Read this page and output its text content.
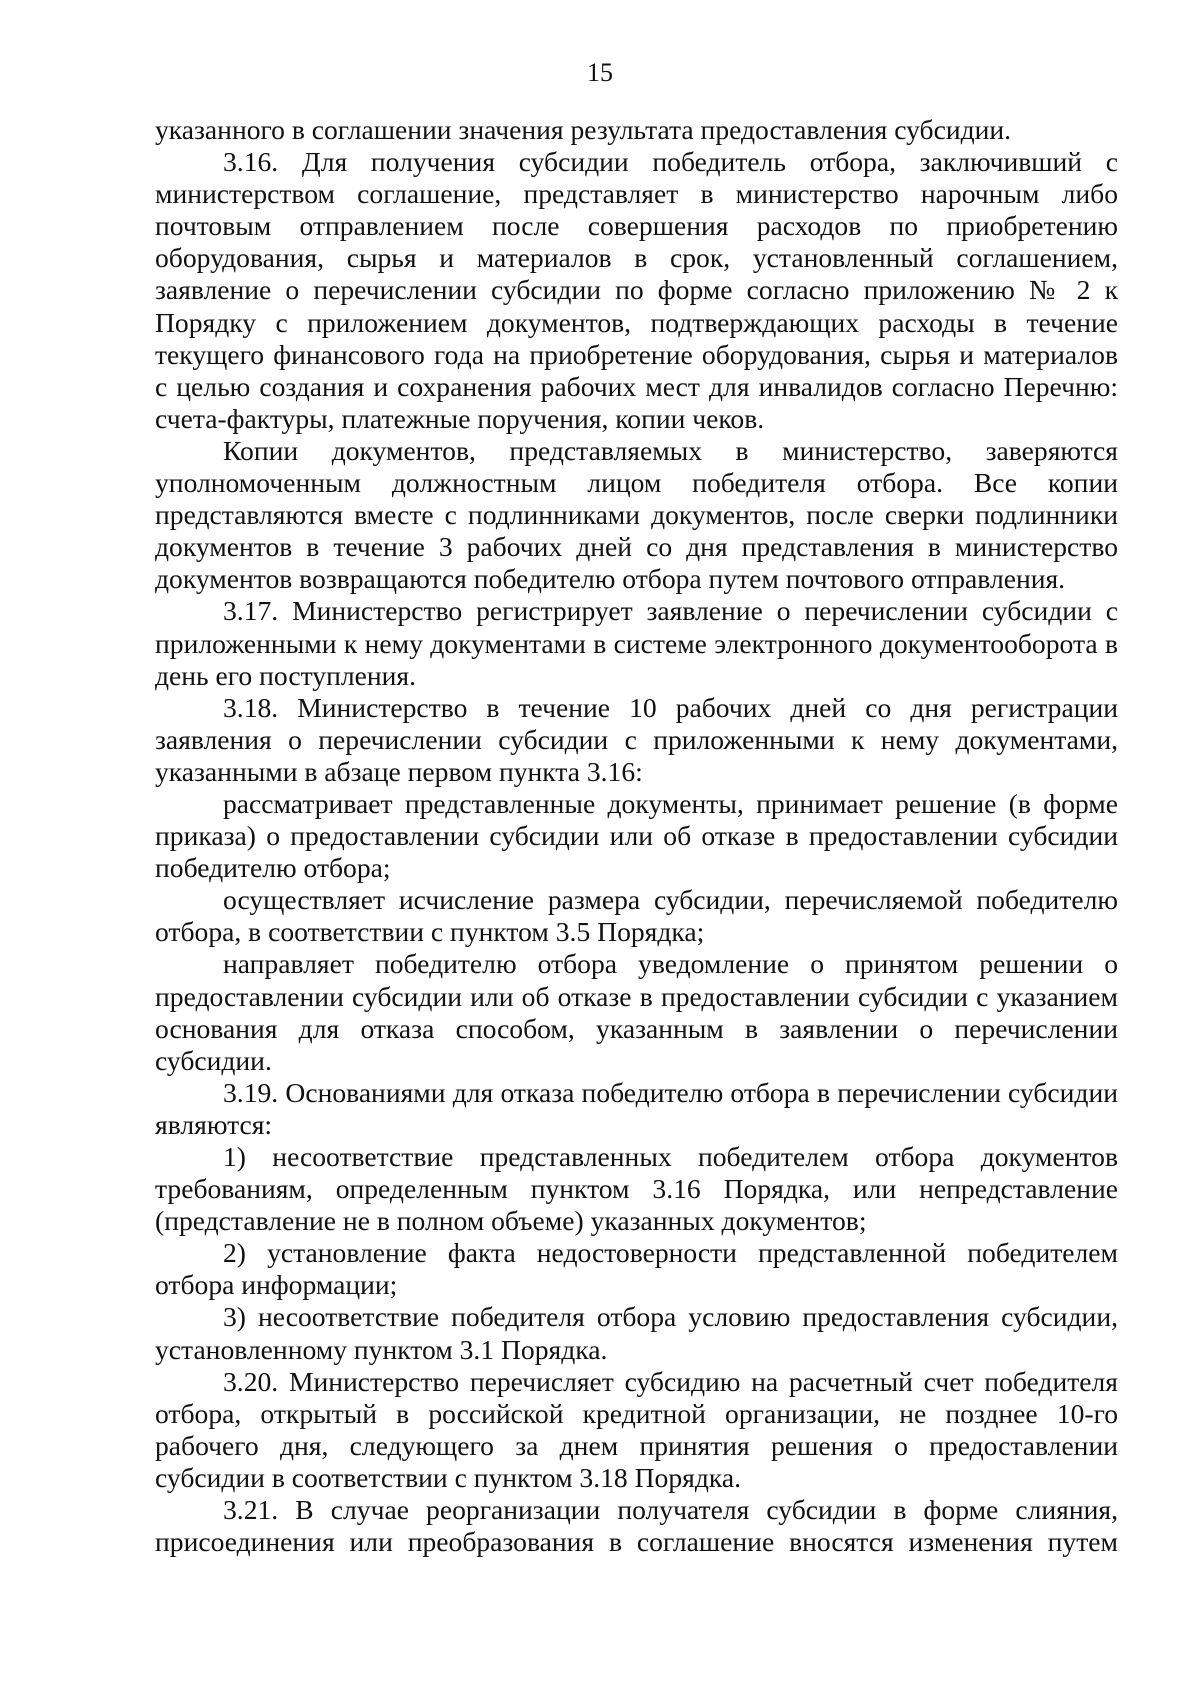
15

указанного в соглашении значения результата предоставления субсидии.

3.16. Для получения субсидии победитель отбора, заключивший с министерством соглашение, представляет в министерство нарочным либо почтовым отправлением после совершения расходов по приобретению оборудования, сырья и материалов в срок, установленный соглашением, заявление о перечислении субсидии по форме согласно приложению № 2 к Порядку с приложением документов, подтверждающих расходы в течение текущего финансового года на приобретение оборудования, сырья и материалов с целью создания и сохранения рабочих мест для инвалидов согласно Перечню: счета-фактуры, платежные поручения, копии чеков.

Копии документов, представляемых в министерство, заверяются уполномоченным должностным лицом победителя отбора. Все копии представляются вместе с подлинниками документов, после сверки подлинники документов в течение 3 рабочих дней со дня представления в министерство документов возвращаются победителю отбора путем почтового отправления.

3.17. Министерство регистрирует заявление о перечислении субсидии с приложенными к нему документами в системе электронного документооборота в день его поступления.

3.18. Министерство в течение 10 рабочих дней со дня регистрации заявления о перечислении субсидии с приложенными к нему документами, указанными в абзаце первом пункта 3.16:

рассматривает представленные документы, принимает решение (в форме приказа) о предоставлении субсидии или об отказе в предоставлении субсидии победителю отбора;

осуществляет исчисление размера субсидии, перечисляемой победителю отбора, в соответствии с пунктом 3.5 Порядка;

направляет победителю отбора уведомление о принятом решении о предоставлении субсидии или об отказе в предоставлении субсидии с указанием основания для отказа способом, указанным в заявлении о перечислении субсидии.

3.19. Основаниями для отказа победителю отбора в перечислении субсидии являются:

1) несоответствие представленных победителем отбора документов требованиям, определенным пунктом 3.16 Порядка, или непредставление (представление не в полном объеме) указанных документов;

2) установление факта недостоверности представленной победителем отбора информации;

3) несоответствие победителя отбора условию предоставления субсидии, установленному пунктом 3.1 Порядка.

3.20. Министерство перечисляет субсидию на расчетный счет победителя отбора, открытый в российской кредитной организации, не позднее 10-го рабочего дня, следующего за днем принятия решения о предоставлении субсидии в соответствии с пунктом 3.18 Порядка.

3.21. В случае реорганизации получателя субсидии в форме слияния, присоединения или преобразования в соглашение вносятся изменения путем
